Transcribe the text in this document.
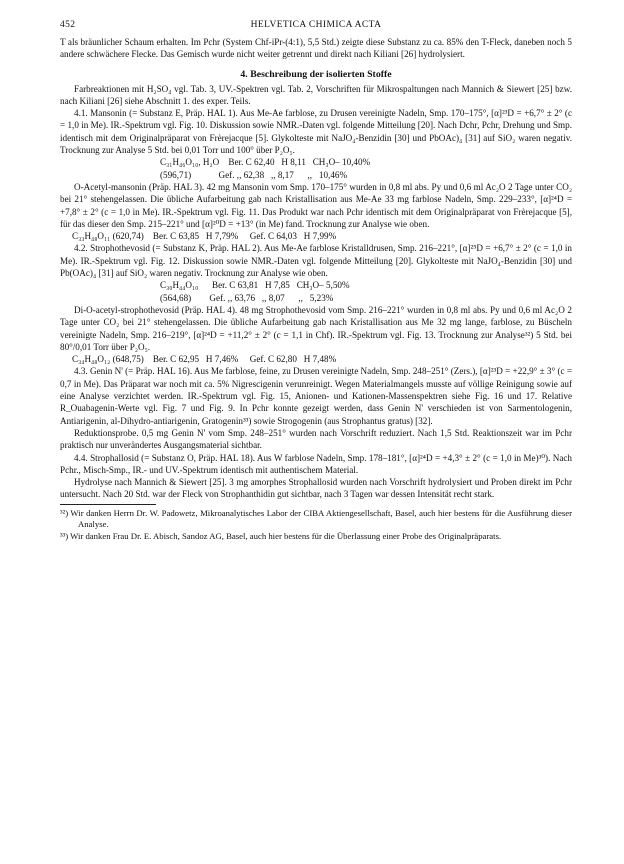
452	HELVETICA CHIMICA ACTA

T als bräunlicher Schaum erhalten. Im Pchr (System Chf-iPr-(4:1), 5,5 Std.) zeigte diese Substanz zu ca. 85% den T-Fleck, daneben noch 5 andere schwächere Flecke. Das Gemisch wurde nicht weiter getrennt und direkt nach Kiliani [26] hydrolysiert.

4. Beschreibung der isolierten Stoffe

Farbreaktionen mit H₂SO₄ vgl. Tab. 3, UV.-Spektren vgl. Tab. 2, Vorschriften für Mikrospaltungen nach Mannich & Siewert [25] bzw. nach Kiliani [26] siehe Abschnitt 1. des exper. Teils.

4.1. Mansonin (= Substanz E, Präp. HAL 1). Aus Me-Ae farblose, zu Drusen vereinigte Nadeln, Smp. 170–175°, [α]²³D = +6,7° ± 2° (c = 1,0 in Me). IR.-Spektrum vgl. Fig. 10. Diskussion sowie NMR.-Daten vgl. folgende Mitteilung [20]. Nach Dchr, Pchr, Drehung und Smp. identisch mit dem Originalpräparat von Frèrejacque [5]. Glykolteste mit NaJO₄-Benzidin [30] und PbOAc)₄ [31] auf SiO₂ waren negativ. Trocknung zur Analyse 5 Std. bei 0,01 Torr und 100° über P₂O₅.

C₃₁H₄₆O₁₀, H₂O    Ber. C 62,40   H 8,11   CH₃O– 10,40%

(596,71)            Gef. ,, 62,38   ,, 8,17      ,,   10,46%

O-Acetyl-mansonin (Präp. HAL 3). 42 mg Mansonin vom Smp. 170–175° wurden in 0,8 ml abs. Py und 0,6 ml Ac₂O 2 Tage unter CO₂ bei 21° stehengelassen. Die übliche Aufarbeitung gab nach Kristallisation aus Me-Ae 33 mg farblose Nadeln, Smp. 229–233°, [α]²⁴D = +7,8° ± 2° (c = 1,0 in Me). IR.-Spektrum vgl. Fig. 11. Das Produkt war nach Pchr identisch mit dem Originalpräparat von Frèrejacque [5], für das dieser den Smp. 215–221° und [α]²⁰D = +13° (in Me) fand. Trocknung zur Analyse wie oben.

C₃₃H₄₈O₁₁ (620,74)    Ber. C 63,85   H 7,79%     Gef. C 64,03   H 7,99%

4.2. Strophothevosid (= Substanz K, Präp. HAL 2). Aus Me-Ae farblose Kristalldrusen, Smp. 216–221°, [α]²⁵D = +6,7° ± 2° (c = 1,0 in Me). IR.-Spektrum vgl. Fig. 12. Diskussion sowie NMR.-Daten vgl. folgende Mitteilung [20]. Glykolteste mit NaJO₄-Benzidin [30] und Pb(OAc)₄ [31] auf SiO₂ waren negativ. Trocknung zur Analyse wie oben.

C₃₀H₄₄O₁₀      Ber. C 63,81   H 7,85   CH₃O– 5,50%

(564,68)        Gef. ,, 63,76   ,, 8,07      ,,   5,23%

Di-O-acetyl-strophothevosid (Präp. HAL 4). 48 mg Strophothevosid vom Smp. 216–221° wurden in 0,8 ml abs. Py und 0,6 ml Ac₂O 2 Tage unter CO₂ bei 21° stehengelassen. Die übliche Aufarbeitung gab nach Kristallisation aus Me 32 mg lange, farblose, zu Büscheln vereinigte Nadeln, Smp. 216–219°, [α]²⁴D = +11,2° ± 2° (c = 1,1 in Chf). IR.-Spektrum vgl. Fig. 13. Trocknung zur Analyse³²) 5 Std. bei 80°/0,01 Torr über P₂O₅.

C₃₄H₄₈O₁₂ (648,75)    Ber. C 62,95   H 7,46%     Gef. C 62,80   H 7,48%

4.3. Genin N' (= Präp. HAL 16). Aus Me farblose, feine, zu Drusen vereinigte Nadeln, Smp. 248–251° (Zers.), [α]²³D = +22,9° ± 3° (c = 0,7 in Me). Das Präparat war noch mit ca. 5% Nigrescigenin verunreinigt. Wegen Materialmangels musste auf völlige Reinigung sowie auf eine Analyse verzichtet werden. IR.-Spektrum vgl. Fig. 15, Anionen- und Kationen-Massenspektren siehe Fig. 16 und 17. Relative R_Ouabagenin-Werte vgl. Fig. 7 und Fig. 9. In Pchr konnte gezeigt werden, dass Genin N' verschieden ist von Sarmentologenin, Antiarigenin, al-Dihydro-antiarigenin, Gratogenin³³) sowie Strogogenin (aus Strophantus gratus) [32].

Reduktionsprobe. 0,5 mg Genin N' vom Smp. 248–251° wurden nach Vorschrift reduziert. Nach 1,5 Std. Reaktionszeit war im Pchr praktisch nur unverändertes Ausgangsmaterial sichtbar.

4.4. Strophallosid (= Substanz O, Präp. HAL 18). Aus W farblose Nadeln, Smp. 178–181°, [α]²⁴D = +4,3° ± 2° (c = 1,0 in Me)³⁰). Nach Pchr., Misch-Smp., IR.- und UV.-Spektrum identisch mit authentischem Material.

Hydrolyse nach Mannich & Siewert [25]. 3 mg amorphes Strophallosid wurden nach Vorschrift hydrolysiert und Proben direkt im Pchr untersucht. Nach 20 Std. war der Fleck von Strophanthidin gut sichtbar, nach 3 Tagen war dessen Intensität recht stark.

³²) Wir danken Herrn Dr. W. Padowetz, Mikroanalytisches Labor der CIBA Aktiengesellschaft, Basel, auch hier bestens für die Ausführung dieser Analyse.

³³) Wir danken Frau Dr. E. Abisch, Sandoz AG, Basel, auch hier bestens für die Überlassung einer Probe des Originalpräparats.
